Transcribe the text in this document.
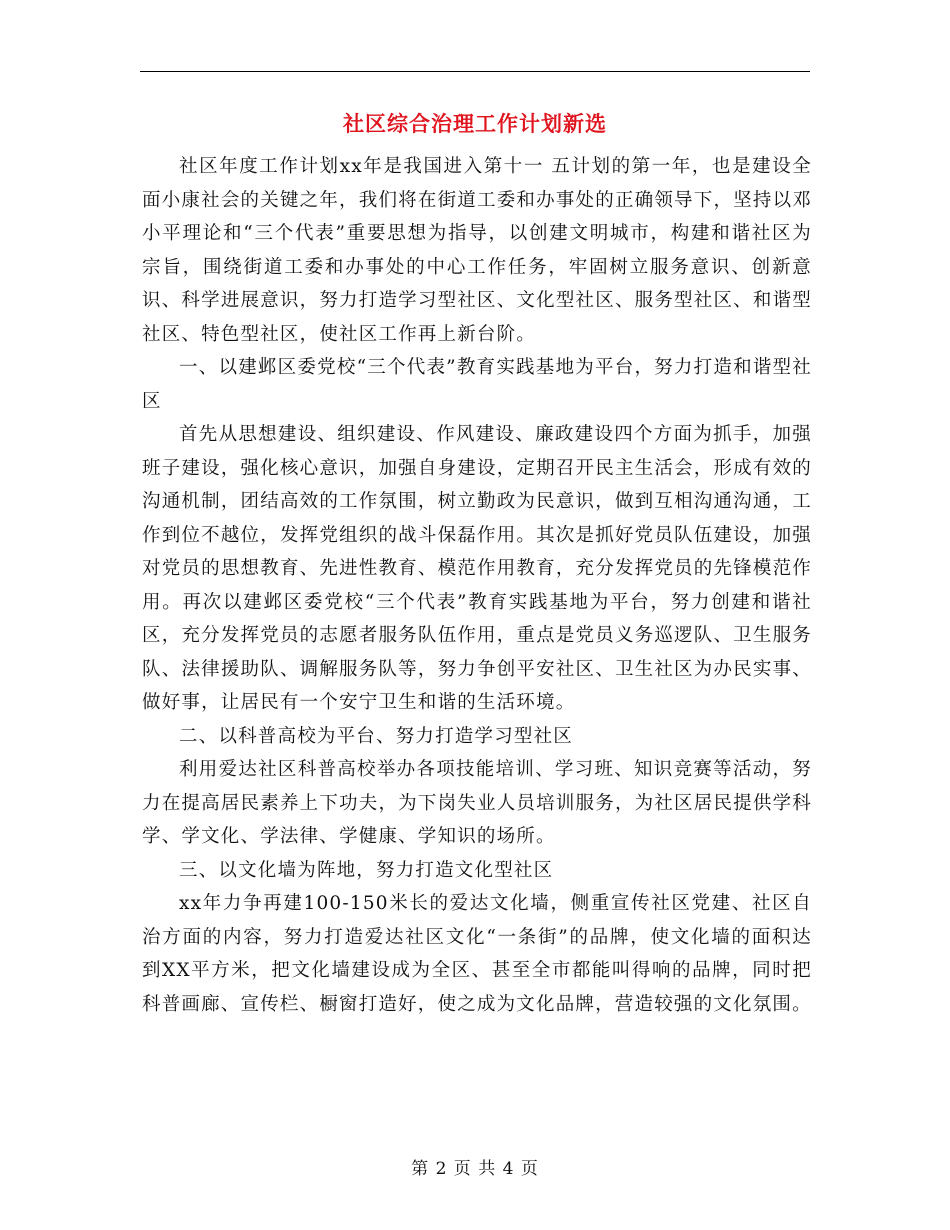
社区综合治理工作计划新选

社区年度工作计划xx年是我国进入第十一 五计划的第一年，也是建设全面小康社会的关键之年，我们将在街道工委和办事处的正确领导下，坚持以邓小平理论和“三个代表”重要思想为指导，以创建文明城市，构建和谐社区为宗旨，围绕街道工委和办事处的中心工作任务，牢固树立服务意识、创新意识、科学进展意识，努力打造学习型社区、文化型社区、服务型社区、和谐型社区、特色型社区，使社区工作再上新台阶。

一、以建邺区委党校“三个代表”教育实践基地为平台，努力打造和谐型社区

首先从思想建设、组织建设、作风建设、廉政建设四个方面为抓手，加强班子建设，强化核心意识，加强自身建设，定期召开民主生活会，形成有效的沟通机制，团结高效的工作氛围，树立勤政为民意识，做到互相沟通沟通，工作到位不越位，发挥党组织的战斗保磊作用。其次是抓好党员队伍建设，加强对党员的思想教育、先进性教育、模范作用教育，充分发挥党员的先锋模范作用。再次以建邺区委党校“三个代表”教育实践基地为平台，努力创建和谐社区，充分发挥党员的志愿者服务队伍作用，重点是党员义务巡逻队、卫生服务队、法律援助队、调解服务队等，努力争创平安社区、卫生社区为办民实事、做好事，让居民有一个安宁卫生和谐的生活环境。

二、以科普高校为平台、努力打造学习型社区

利用爱达社区科普高校举办各项技能培训、学习班、知识竞赛等活动，努力在提高居民素养上下功夫，为下岗失业人员培训服务，为社区居民提供学科学、学文化、学法律、学健康、学知识的场所。

三、以文化墙为阵地，努力打造文化型社区

xx年力争再建100-150米长的爱达文化墙，侧重宣传社区党建、社区自治方面的内容，努力打造爱达社区文化“一条街”的品牌，使文化墙的面积达到XX平方米，把文化墙建设成为全区、甚至全市都能叫得响的品牌，同时把科普画廊、宣传栏、橱窗打造好，使之成为文化品牌，营造较强的文化氛围。

第 2 页 共 4 页
